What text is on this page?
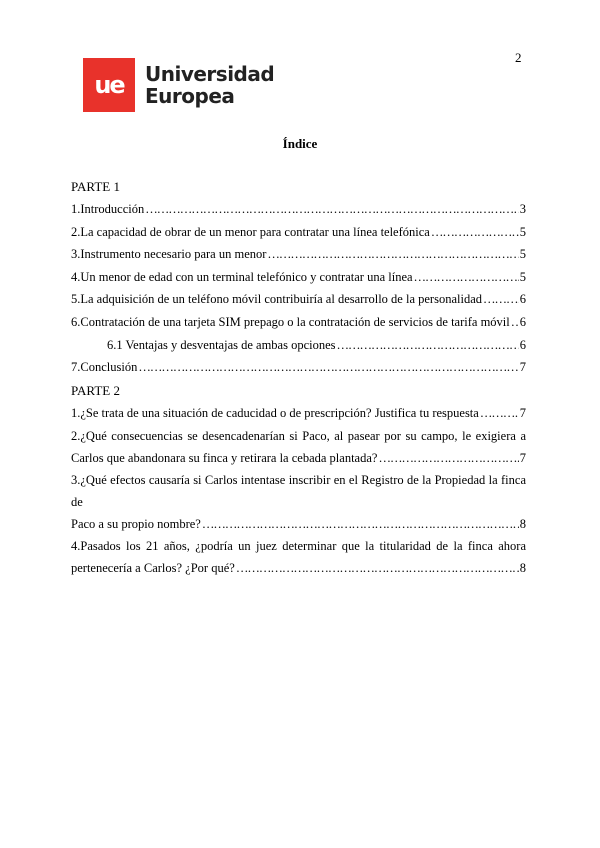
2
ue Universidad
Europea
Índice
PARTE 1
1.Introducción ……………………………………………………………………………………………………………………………………………………………………………………	3
2.La capacidad de obrar de un menor para contratar una línea telefónica ……………………………………………………………………………………………………………………………………………………………………………………	5
3.Instrumento necesario para un menor ……………………………………………………………………………………………………………………………………………………………………………………	5
4.Un menor de edad con un terminal telefónico y contratar una línea ……………………………………………………………………………………………………………………………………………………………………………………	5
5.La adquisición de un teléfono móvil contribuiría al desarrollo de la personalidad ……………………………………………………………………………………………………………………………………………………………………………………	6
6.Contratación de una tarjeta SIM prepago o la contratación de servicios de tarifa móvil …………………………………………………………………………………………………………………………………………………………………………………… 6
6.1 Ventajas y desventajas de ambas opciones ……………………………………………………………………………………………………………………………………………………………………………………	6
7.Conclusión ……………………………………………………………………………………………………………………………………………………………………………………	7
PARTE 2
1.¿Se trata de una situación de caducidad o de prescripción? Justifica tu respuesta ……………………………………………………………………………………………………………………………………………………………………………………	7
2.¿Qué consecuencias se desencadenarían si Paco, al pasear por su campo, le exigiera a
Carlos que abandonara su finca y retirara la cebada plantada? ……………………………………………………………………………………………………………………………………………………………………………………	7
3.¿Qué efectos causaría si Carlos intentase inscribir en el Registro de la Propiedad la finca de
Paco a su propio nombre? ……………………………………………………………………………………………………………………………………………………………………………………	8
4.Pasados los 21 años, ¿podría un juez determinar que la titularidad de la finca ahora
pertenecería a Carlos? ¿Por qué? ……………………………………………………………………………………………………………………………………………………………………………………	8
